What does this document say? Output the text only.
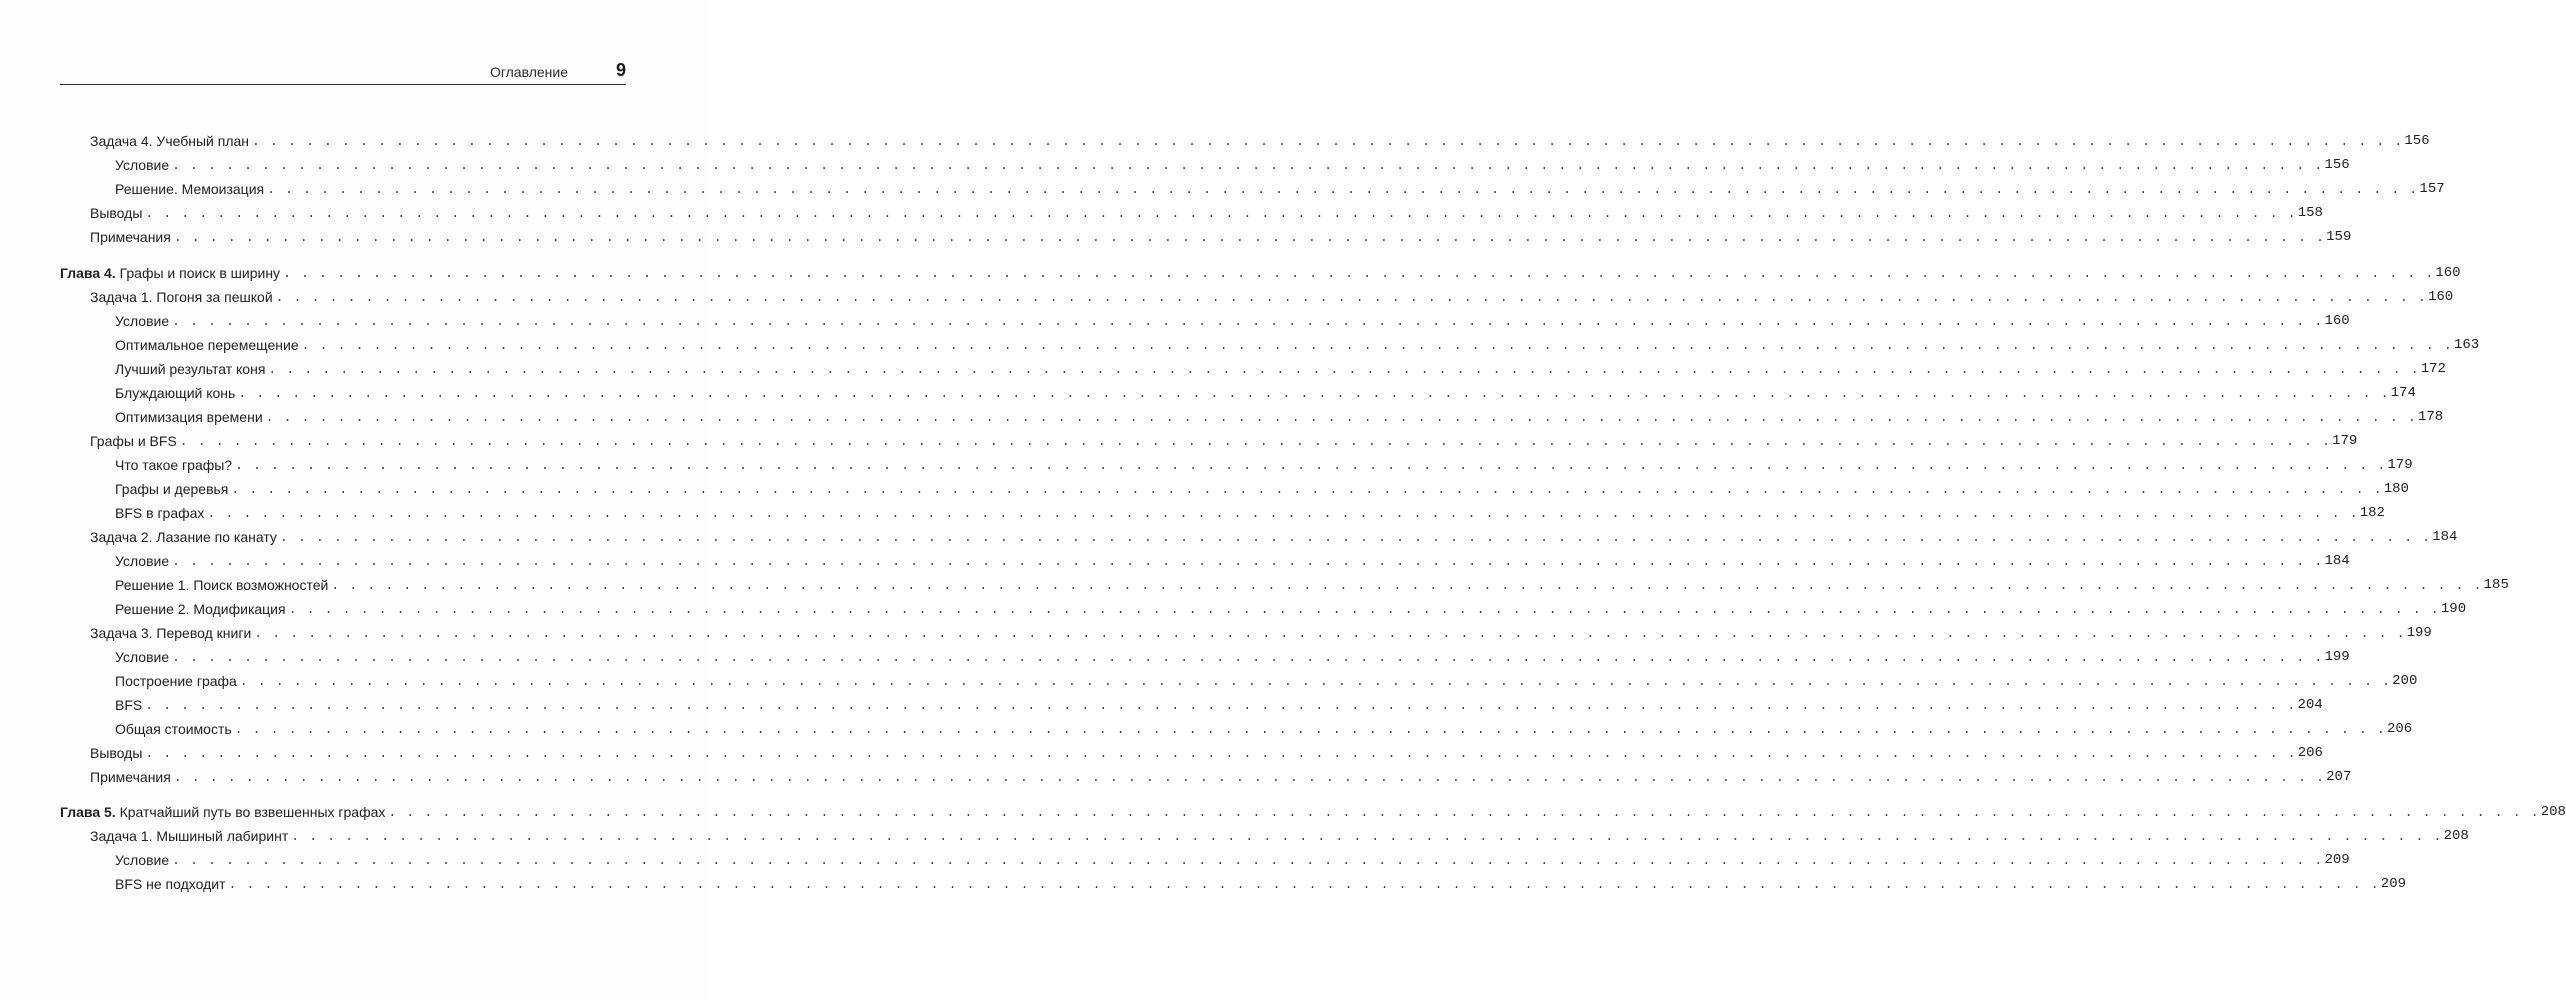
Оглавление	9
Задача 4. Учебный план . . . . . . . . . . . . . . . . . . . . . . . . . . . . . . . . . . . . . . . . . . . . . . . . . . . . . . . . . . . . . . . . . . . . . . . . . . . . . . . . . . . . . . . . . . . . . . . . . . . . . . . . . . . . . . . . . . . . . . . . 156
Условие . . . . . . . . . . . . . . . . . . . . . . . . . . . . . . . . . . . . . . . . . . . . . . . . . . . . . . . . . . . . . . . . . . . . . . . . . . . . . . . . . . . . . . . . . . . . . . . . . . . . . . . . . . . . . . . . . . . . . . . . 156
Решение. Мемоизация . . . . . . . . . . . . . . . . . . . . . . . . . . . . . . . . . . . . . . . . . . . . . . . . . . . . . . . . . . . . . . . . . . . . . . . . . . . . . . . . . . . . . . . . . . . . . . . . . . . . . . . . . . . . . . . . . . . . . . . . 157
Выводы . . . . . . . . . . . . . . . . . . . . . . . . . . . . . . . . . . . . . . . . . . . . . . . . . . . . . . . . . . . . . . . . . . . . . . . . . . . . . . . . . . . . . . . . . . . . . . . . . . . . . . . . . . . . . . . . . . . . . . . . 158
Примечания . . . . . . . . . . . . . . . . . . . . . . . . . . . . . . . . . . . . . . . . . . . . . . . . . . . . . . . . . . . . . . . . . . . . . . . . . . . . . . . . . . . . . . . . . . . . . . . . . . . . . . . . . . . . . . . . . . . . . . . . 159
Глава 4. Графы и поиск в ширину . . . . . . . . . . . . . . . . . . . . . . . . . . . . . . . . . . . . . . . . . . . . . . . . . . . . . . . . . . . . . . . . . . . . . . . . . . . . . . . . . . . . . . . . . . . . . . . . . . . . . . . . . . . . . . . . . . . . . . . . 160
Задача 1. Погоня за пешкой . . . . . . . . . . . . . . . . . . . . . . . . . . . . . . . . . . . . . . . . . . . . . . . . . . . . . . . . . . . . . . . . . . . . . . . . . . . . . . . . . . . . . . . . . . . . . . . . . . . . . . . . . . . . . . . . . . . . . . . . 160
Условие . . . . . . . . . . . . . . . . . . . . . . . . . . . . . . . . . . . . . . . . . . . . . . . . . . . . . . . . . . . . . . . . . . . . . . . . . . . . . . . . . . . . . . . . . . . . . . . . . . . . . . . . . . . . . . . . . . . . . . . . 160
Оптимальное перемещение . . . . . . . . . . . . . . . . . . . . . . . . . . . . . . . . . . . . . . . . . . . . . . . . . . . . . . . . . . . . . . . . . . . . . . . . . . . . . . . . . . . . . . . . . . . . . . . . . . . . . . . . . . . . . . . . . . . . . . . . 163
Лучший результат коня . . . . . . . . . . . . . . . . . . . . . . . . . . . . . . . . . . . . . . . . . . . . . . . . . . . . . . . . . . . . . . . . . . . . . . . . . . . . . . . . . . . . . . . . . . . . . . . . . . . . . . . . . . . . . . . . . . . . . . . . 172
Блуждающий конь . . . . . . . . . . . . . . . . . . . . . . . . . . . . . . . . . . . . . . . . . . . . . . . . . . . . . . . . . . . . . . . . . . . . . . . . . . . . . . . . . . . . . . . . . . . . . . . . . . . . . . . . . . . . . . . . . . . . . . . . 174
Оптимизация времени . . . . . . . . . . . . . . . . . . . . . . . . . . . . . . . . . . . . . . . . . . . . . . . . . . . . . . . . . . . . . . . . . . . . . . . . . . . . . . . . . . . . . . . . . . . . . . . . . . . . . . . . . . . . . . . . . . . . . . . . 178
Графы и BFS . . . . . . . . . . . . . . . . . . . . . . . . . . . . . . . . . . . . . . . . . . . . . . . . . . . . . . . . . . . . . . . . . . . . . . . . . . . . . . . . . . . . . . . . . . . . . . . . . . . . . . . . . . . . . . . . . . . . . . . . 179
Что такое графы? . . . . . . . . . . . . . . . . . . . . . . . . . . . . . . . . . . . . . . . . . . . . . . . . . . . . . . . . . . . . . . . . . . . . . . . . . . . . . . . . . . . . . . . . . . . . . . . . . . . . . . . . . . . . . . . . . . . . . . . . 179
Графы и деревья . . . . . . . . . . . . . . . . . . . . . . . . . . . . . . . . . . . . . . . . . . . . . . . . . . . . . . . . . . . . . . . . . . . . . . . . . . . . . . . . . . . . . . . . . . . . . . . . . . . . . . . . . . . . . . . . . . . . . . . . 180
BFS в графах . . . . . . . . . . . . . . . . . . . . . . . . . . . . . . . . . . . . . . . . . . . . . . . . . . . . . . . . . . . . . . . . . . . . . . . . . . . . . . . . . . . . . . . . . . . . . . . . . . . . . . . . . . . . . . . . . . . . . . . . 182
Задача 2. Лазание по канату . . . . . . . . . . . . . . . . . . . . . . . . . . . . . . . . . . . . . . . . . . . . . . . . . . . . . . . . . . . . . . . . . . . . . . . . . . . . . . . . . . . . . . . . . . . . . . . . . . . . . . . . . . . . . . . . . . . . . . . . 184
Условие . . . . . . . . . . . . . . . . . . . . . . . . . . . . . . . . . . . . . . . . . . . . . . . . . . . . . . . . . . . . . . . . . . . . . . . . . . . . . . . . . . . . . . . . . . . . . . . . . . . . . . . . . . . . . . . . . . . . . . . . 184
Решение 1. Поиск возможностей . . . . . . . . . . . . . . . . . . . . . . . . . . . . . . . . . . . . . . . . . . . . . . . . . . . . . . . . . . . . . . . . . . . . . . . . . . . . . . . . . . . . . . . . . . . . . . . . . . . . . . . . . . . . . . . . . . . . . . . . 185
Решение 2. Модификация . . . . . . . . . . . . . . . . . . . . . . . . . . . . . . . . . . . . . . . . . . . . . . . . . . . . . . . . . . . . . . . . . . . . . . . . . . . . . . . . . . . . . . . . . . . . . . . . . . . . . . . . . . . . . . . . . . . . . . . . 190
Задача 3. Перевод книги . . . . . . . . . . . . . . . . . . . . . . . . . . . . . . . . . . . . . . . . . . . . . . . . . . . . . . . . . . . . . . . . . . . . . . . . . . . . . . . . . . . . . . . . . . . . . . . . . . . . . . . . . . . . . . . . . . . . . . . . 199
Условие . . . . . . . . . . . . . . . . . . . . . . . . . . . . . . . . . . . . . . . . . . . . . . . . . . . . . . . . . . . . . . . . . . . . . . . . . . . . . . . . . . . . . . . . . . . . . . . . . . . . . . . . . . . . . . . . . . . . . . . . 199
Построение графа . . . . . . . . . . . . . . . . . . . . . . . . . . . . . . . . . . . . . . . . . . . . . . . . . . . . . . . . . . . . . . . . . . . . . . . . . . . . . . . . . . . . . . . . . . . . . . . . . . . . . . . . . . . . . . . . . . . . . . . . 200
BFS . . . . . . . . . . . . . . . . . . . . . . . . . . . . . . . . . . . . . . . . . . . . . . . . . . . . . . . . . . . . . . . . . . . . . . . . . . . . . . . . . . . . . . . . . . . . . . . . . . . . . . . . . . . . . . . . . . . . . . . . 204
Общая стоимость . . . . . . . . . . . . . . . . . . . . . . . . . . . . . . . . . . . . . . . . . . . . . . . . . . . . . . . . . . . . . . . . . . . . . . . . . . . . . . . . . . . . . . . . . . . . . . . . . . . . . . . . . . . . . . . . . . . . . . . . 206
Выводы . . . . . . . . . . . . . . . . . . . . . . . . . . . . . . . . . . . . . . . . . . . . . . . . . . . . . . . . . . . . . . . . . . . . . . . . . . . . . . . . . . . . . . . . . . . . . . . . . . . . . . . . . . . . . . . . . . . . . . . . 206
Примечания . . . . . . . . . . . . . . . . . . . . . . . . . . . . . . . . . . . . . . . . . . . . . . . . . . . . . . . . . . . . . . . . . . . . . . . . . . . . . . . . . . . . . . . . . . . . . . . . . . . . . . . . . . . . . . . . . . . . . . . . 207
Глава 5. Кратчайший путь во взвешенных графах . . . . . . . . . . . . . . . . . . . . . . . . . . . . . . . . . . . . . . . . . . . . . . . . . . . . . . . . . . . . . . . . . . . . . . . . . . . . . . . . . . . . . . . . . . . . . . . . . . . . . . . . . . . . . . . . . . . . . . . . 208
Задача 1. Мышиный лабиринт . . . . . . . . . . . . . . . . . . . . . . . . . . . . . . . . . . . . . . . . . . . . . . . . . . . . . . . . . . . . . . . . . . . . . . . . . . . . . . . . . . . . . . . . . . . . . . . . . . . . . . . . . . . . . . . . . . . . . . . . 208
Условие . . . . . . . . . . . . . . . . . . . . . . . . . . . . . . . . . . . . . . . . . . . . . . . . . . . . . . . . . . . . . . . . . . . . . . . . . . . . . . . . . . . . . . . . . . . . . . . . . . . . . . . . . . . . . . . . . . . . . . . . 209
BFS не подходит . . . . . . . . . . . . . . . . . . . . . . . . . . . . . . . . . . . . . . . . . . . . . . . . . . . . . . . . . . . . . . . . . . . . . . . . . . . . . . . . . . . . . . . . . . . . . . . . . . . . . . . . . . . . . . . . . . . . . . . . 209
